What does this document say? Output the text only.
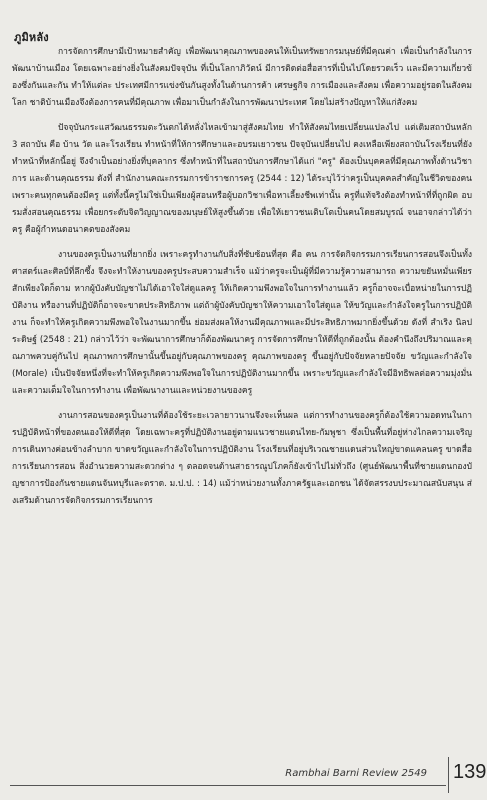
ภูมิหลัง

การจัดการศึกษามีเป้าหมายสำคัญ เพื่อพัฒนาคุณภาพของคนให้เป็นทรัพยากรมนุษย์ที่มีคุณค่า เพื่อเป็นกำลังในการพัฒนาบ้านเมือง โดยเฉพาะอย่างยิ่งในสังคมปัจจุบัน ที่เป็นโลกาภิวัตน์ มีการติดต่อสื่อสารที่เป็นไปโดยรวดเร็ว และมีความเกี่ยวข้องซึ่งกันและกัน ทำให้แต่ละ ประเทศมีการแข่งขันกันสูงทั้งในด้านการค้า เศรษฐกิจ การเมืองและสังคม เพื่อความอยู่รอดในสังคมโลก ชาติบ้านเมืองจึงต้องการคนที่มีคุณภาพ เพื่อมาเป็นกำลังในการพัฒนาประเทศ โดยไม่สร้างปัญหาให้แก่สังคม

ปัจจุบันกระแสวัฒนธรรมตะวันตกได้หลั่งไหลเข้ามาสู่สังคมไทย ทำให้สังคมไทยเปลี่ยนแปลงไป แต่เดิมสถาบันหลัก 3 สถาบัน คือ บ้าน วัด และโรงเรียน ทำหน้าที่ให้การศึกษาและอบรมเยาวชน ปัจจุบันเปลี่ยนไป คงเหลือเพียงสถาบันโรงเรียนที่ยังทำหน้าที่หลักนี้อยู่ จึงจำเป็นอย่างยิ่งที่บุคลากร ซึ่งทำหน้าที่ในสถาบันการศึกษาได้แก่ "ครู" ต้องเป็นบุคคลที่มีคุณภาพทั้งด้านวิชาการ และด้านคุณธรรม ดังที่ สำนักงานคณะกรรมการข้าราชการครู (2544 : 12) ได้ระบุไว้ว่าครูเป็นบุคคลสำคัญในชีวิตของคน เพราะคนทุกคนต้องมีครู แต่ทั้งนี้ครูไม่ใช่เป็นเพียงผู้สอนหรือผู้บอกวิชาเพื่อหาเลี้ยงชีพเท่านั้น ครูที่แท้จริงต้องทำหน้าที่ที่ถูกผิด อบรมสั่งสอนคุณธรรม เพื่อยกระดับจิตวิญญาณของมนุษย์ให้สูงขึ้นด้วย เพื่อให้เยาวชนเติบโตเป็นคนโดยสมบูรณ์ จนอาจกล่าวได้ว่า ครู คือผู้กำหนดอนาคตของสังคม

งานของครูเป็นงานที่ยากยิ่ง เพราะครูทำงานกับสิ่งที่ซับซ้อนที่สุด คือ คน การจัดกิจกรรมการเรียนการสอนจึงเป็นทั้งศาสตร์และศิลป์ที่ลึกซึ้ง จึงจะทำให้งานของครูประสบความสำเร็จ แม้ว่าครูจะเป็นผู้ที่มีความรู้ความสามารถ ความขยันหมั่นเพียรสักเพียงใดก็ตาม หากผู้บังคับบัญชาไม่ได้เอาใจใส่ดูแลครู ให้เกิดความพึงพอใจในการทำงานแล้ว ครูก็อาจจะเบื่อหน่ายในการปฏิบัติงาน หรืองานที่ปฏิบัติก็อาจจะขาดประสิทธิภาพ แต่ถ้าผู้บังคับบัญชาให้ความเอาใจใส่ดูแล ให้ขวัญและกำลังใจครูในการปฏิบัติงาน ก็จะทำให้ครูเกิดความพึงพอใจในงานมากขึ้น ย่อมส่งผลให้งานมีคุณภาพและมีประสิทธิภาพมากยิ่งขึ้นด้วย ดังที่ สำเริง นิลประดิษฐ์ (2548 : 21) กล่าวไว้ว่า จะพัฒนาการศึกษาก็ต้องพัฒนาครู การจัดการศึกษาให้ดีที่ถูกต้องนั้น ต้องคำนึงถึงปริมาณและคุณภาพควบคู่กันไป คุณภาพการศึกษานั้นขึ้นอยู่กับคุณภาพของครู คุณภาพของครู ขึ้นอยู่กับปัจจัยหลายปัจจัย ขวัญและกำลังใจ (Morale) เป็นปัจจัยหนึ่งที่จะทำให้ครูเกิดความพึงพอใจในการปฏิบัติงานมากขึ้น เพราะขวัญและกำลังใจมีอิทธิพลต่อความมุ่งมั่นและความเต็มใจในการทำงาน เพื่อพัฒนางานและหน่วยงานของครู

งานการสอนของครูเป็นงานที่ต้องใช้ระยะเวลายาวนานจึงจะเห็นผล แต่การทำงานของครูก็ต้องใช้ความอดทนในการปฏิบัติหน้าที่ของตนเองให้ดีที่สุด โดยเฉพาะครูที่ปฏิบัติงานอยู่ตามแนวชายแดนไทย-กัมพูชา ซึ่งเป็นพื้นที่อยู่ห่างไกลความเจริญ การเดินทางค่อนข้างลำบาก ขาดขวัญและกำลังใจในการปฏิบัติงาน โรงเรียนที่อยู่บริเวณชายแดนส่วนใหญ่ขาดแคลนครู ขาดสื่อการเรียนการสอน สิ่งอำนวยความสะดวกต่าง ๆ ตลอดจนด้านสาธารณูปโภคก็ยังเข้าไปไม่ทั่วถึง (ศูนย์พัฒนาพื้นที่ชายแดนกองบัญชาการป้องกันชายแดนจันทบุรีและตราด. ม.ป.ป. : 14) แม้ว่าหน่วยงานทั้งภาครัฐและเอกชน ได้จัดสรรงบประมาณสนับสนุน ส่งเสริมด้านการจัดกิจกรรมการเรียนการ

Rambhai Barni Review 2549 139
